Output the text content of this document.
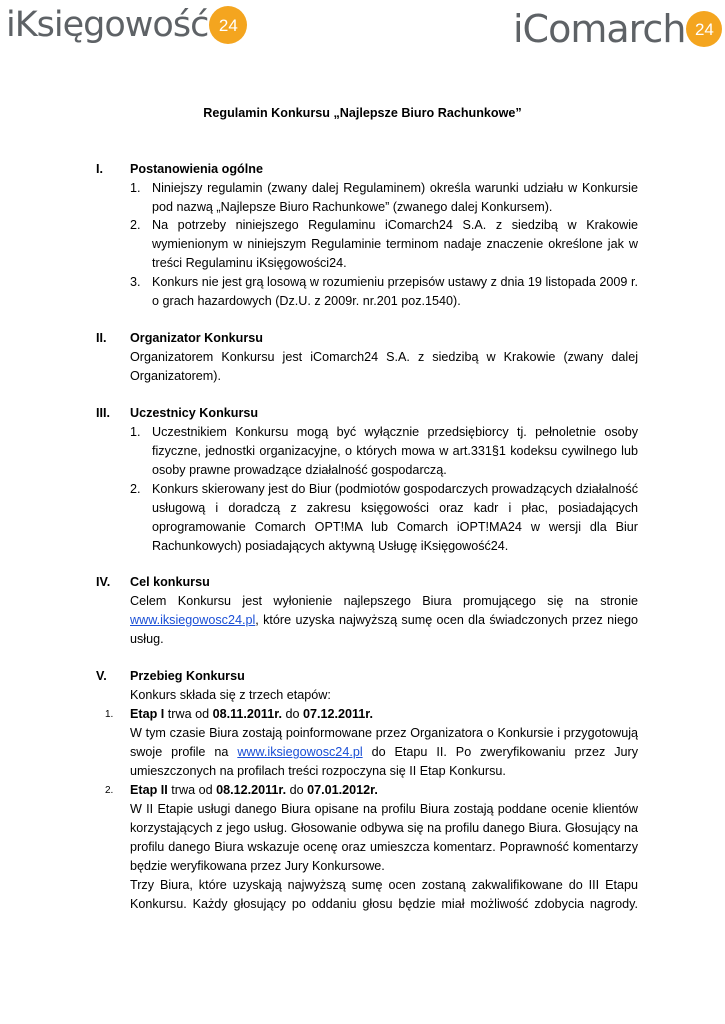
iKsięgowość 24	iComarch 24
Regulamin Konkursu „Najlepsze Biuro Rachunkowe”
I.	Postanowienia ogólne
1. Niniejszy regulamin (zwany dalej Regulaminem) określa warunki udziału w Konkursie pod nazwą „Najlepsze Biuro Rachunkowe” (zwanego dalej Konkursem).
2. Na potrzeby niniejszego Regulaminu iComarch24 S.A. z siedzibą w Krakowie wymienionym w niniejszym Regulaminie terminom nadaje znaczenie określone jak w treści Regulaminu iKsięgowości24.
3. Konkurs nie jest grą losową w rozumieniu przepisów ustawy z dnia 19 listopada 2009 r. o grach hazardowych (Dz.U. z 2009r. nr.201 poz.1540).
II.	Organizator Konkursu
Organizatorem Konkursu jest iComarch24 S.A. z siedzibą w Krakowie (zwany dalej Organizatorem).
III. Uczestnicy Konkursu
1. Uczestnikiem Konkursu mogą być wyłącznie przedsiębiorcy tj. pełnoletnie osoby fizyczne, jednostki organizacyjne, o których mowa w art.331§1 kodeksu cywilnego lub osoby prawne prowadzące działalność gospodarczą.
2. Konkurs skierowany jest do Biur (podmiotów gospodarczych prowadzących działalność usługową i doradczą z zakresu księgowości oraz kadr i płac, posiadających oprogramowanie Comarch OPT!MA lub Comarch iOPT!MA24 w wersji dla Biur Rachunkowych) posiadających aktywną Usługę iKsięgowość24.
IV. Cel konkursu
Celem Konkursu jest wyłonienie najlepszego Biura promującego się na stronie www.iksiegowosc24.pl, które uzyska najwyższą sumę ocen dla świadczonych przez niego usług.
V.	Przebieg Konkursu
Konkurs składa się z trzech etapów:
1. Etap I trwa od 08.11.2011r. do 07.12.2011r.
W tym czasie Biura zostają poinformowane przez Organizatora o Konkursie i przygotowują swoje profile na www.iksiegowosc24.pl do Etapu II. Po zweryfikowaniu przez Jury umieszczonych na profilach treści rozpoczyna się II Etap Konkursu.
2. Etap II trwa od 08.12.2011r. do 07.01.2012r.
W II Etapie usługi danego Biura opisane na profilu Biura zostają poddane ocenie klientów korzystających z jego usług. Głosowanie odbywa się na profilu danego Biura. Głosujący na profilu danego Biura wskazuje ocenę oraz umieszcza komentarz. Poprawność komentarzy będzie weryfikowana przez Jury Konkursowe.
Trzy Biura, które uzyskają najwyższą sumę ocen zostaną zakwalifikowane do III Etapu Konkursu. Każdy głosujący po oddaniu głosu będzie miał możliwość zdobycia nagrody.
